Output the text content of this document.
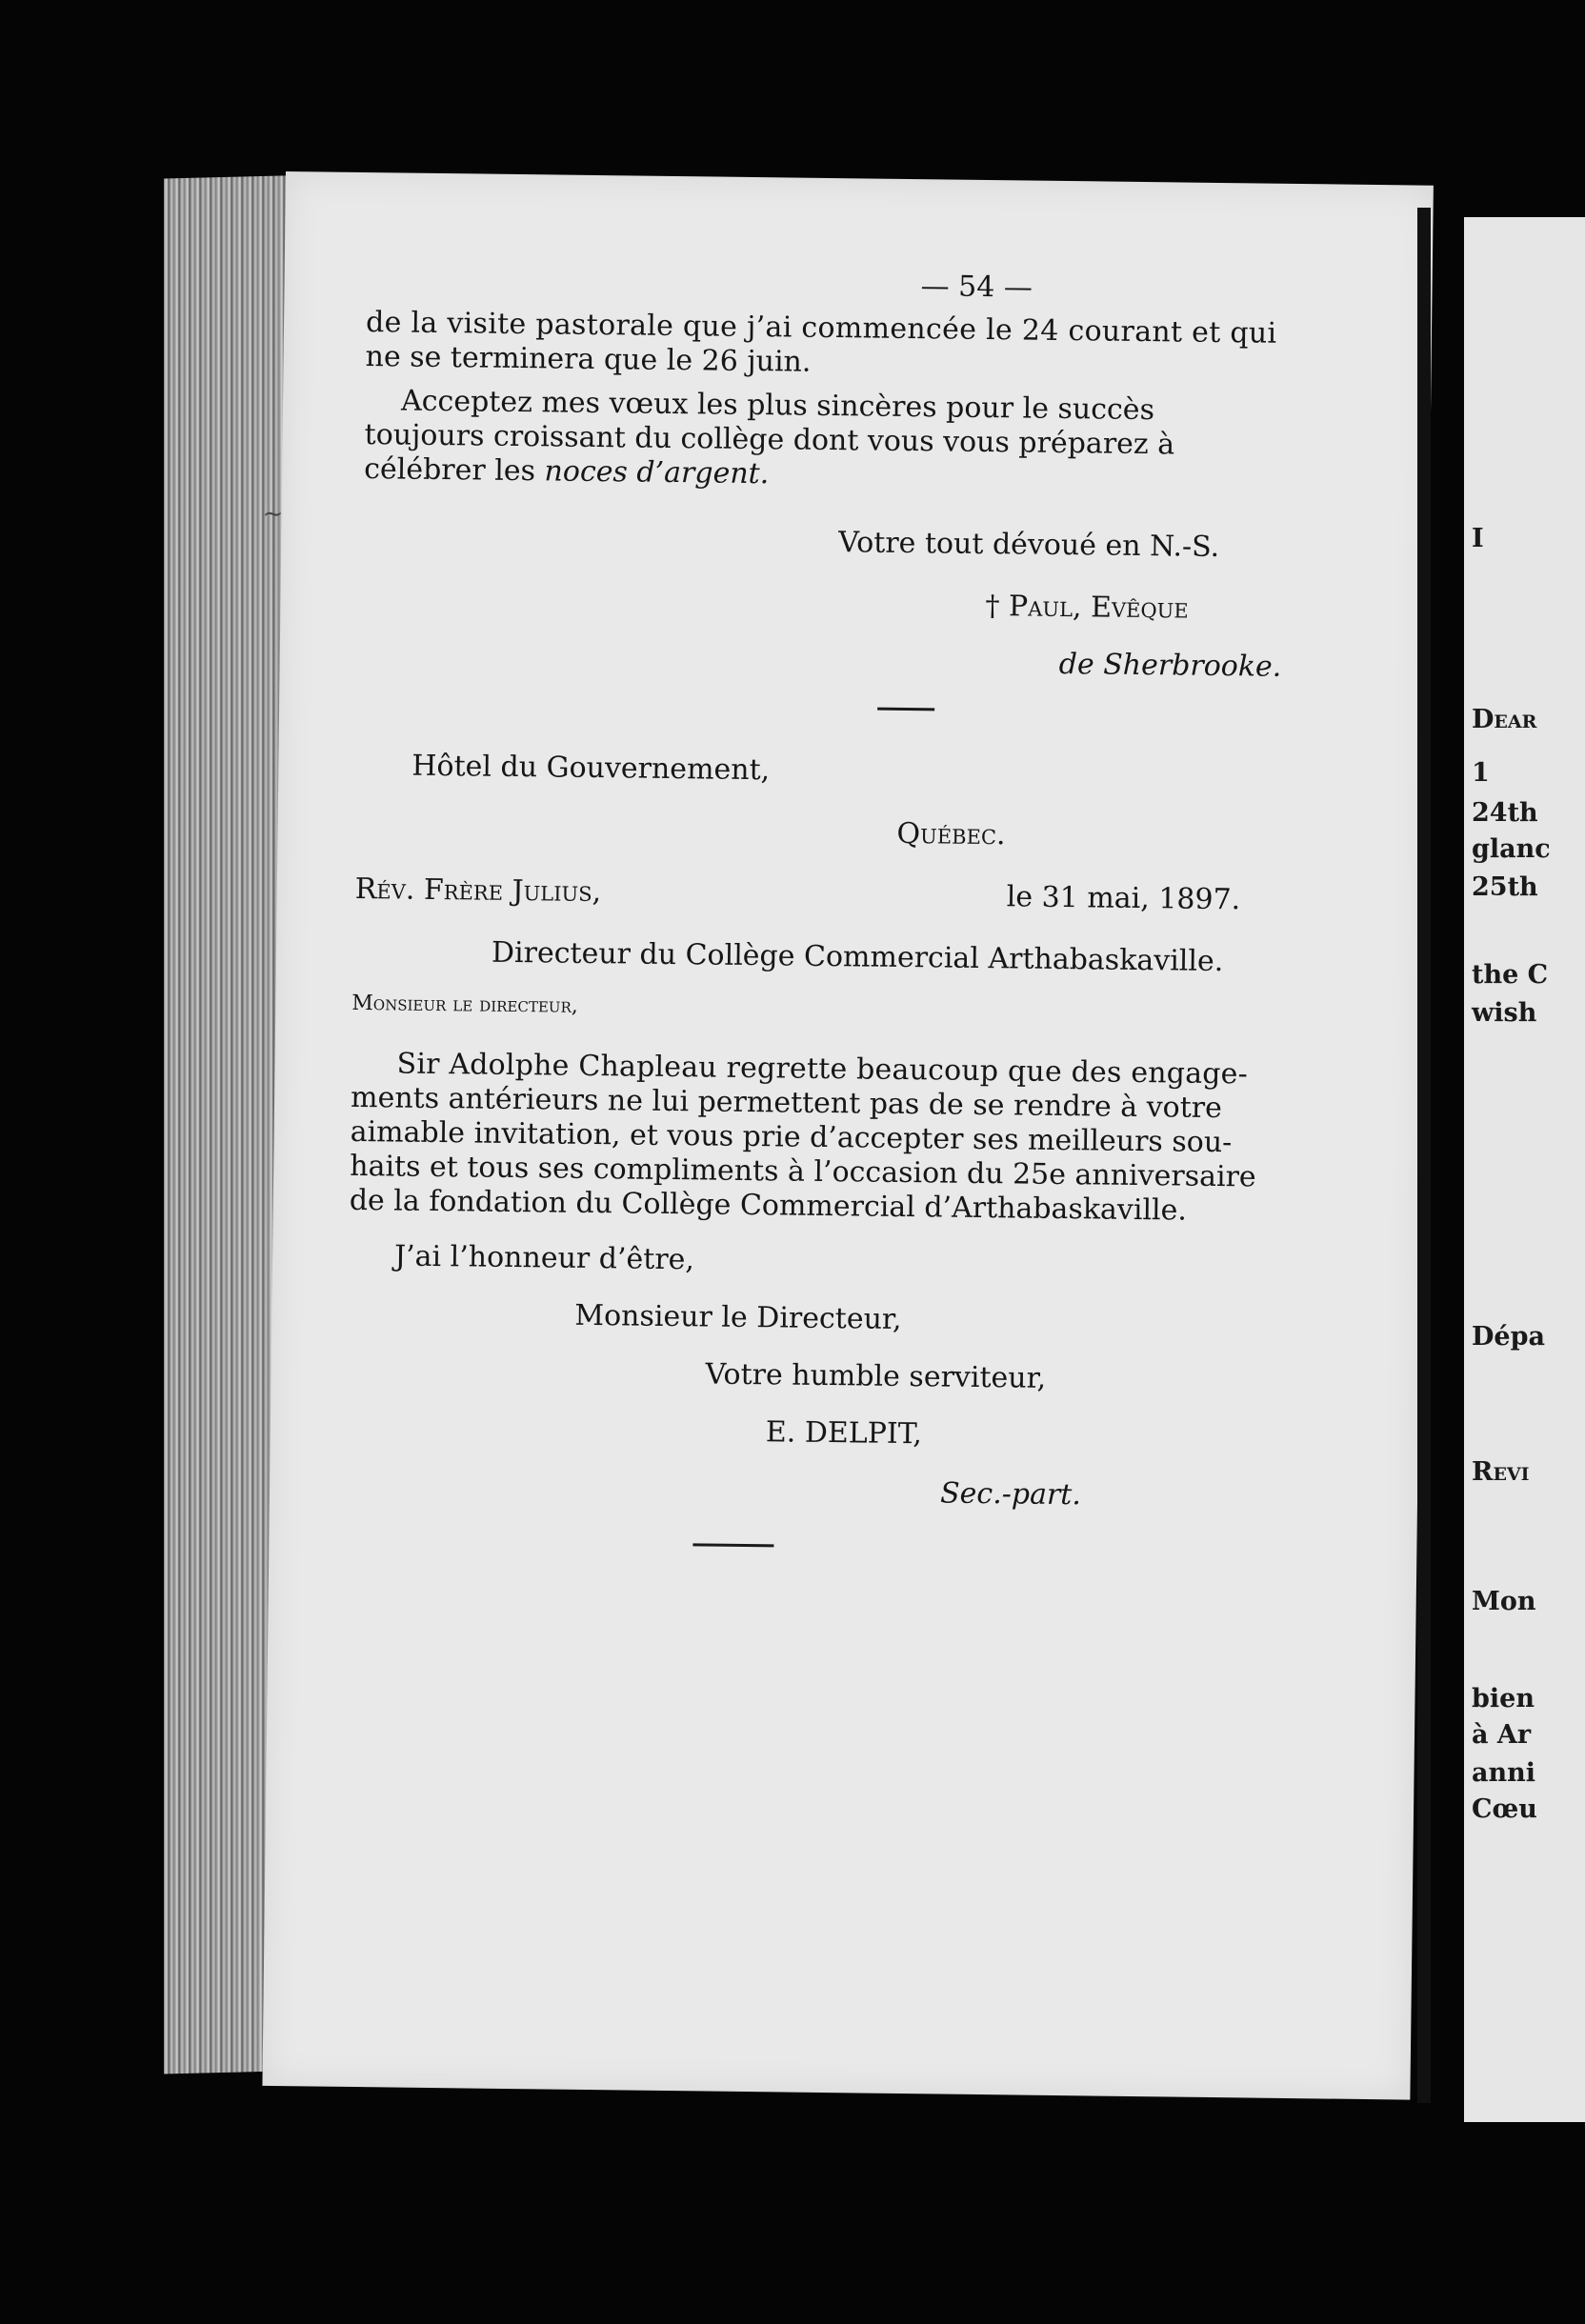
~
— 54 —
de la visite pastorale que j’ai commencée le 24 courant et qui
ne se terminera que le 26 juin.
Acceptez mes vœux les plus sincères pour le succès
toujours croissant du collège dont vous vous préparez à
célébrer les noces d’argent.
Votre tout dévoué en N.-S.
† Paul, Evêque
de Sherbrooke.
Hôtel du Gouvernement,
Québec.
Rév. Frère Julius,	le 31 mai, 1897.
Directeur du Collège Commercial Arthabaskaville.
Monsieur le directeur,
Sir Adolphe Chapleau regrette beaucoup que des engage-
ments antérieurs ne lui permettent pas de se rendre à votre
aimable invitation, et vous prie d’accepter ses meilleurs sou-
haits et tous ses compliments à l’occasion du 25e anniversaire
de la fondation du Collège Commercial d’Arthabaskaville.
J’ai l’honneur d’être,
Monsieur le Directeur,
Votre humble serviteur,
E. DELPIT,
Sec.-part.
I
Dear
1
24th
glanc
25th
the C
wish
Dépa
Revi
Mon
bien
à Ar
anni
Cœu
